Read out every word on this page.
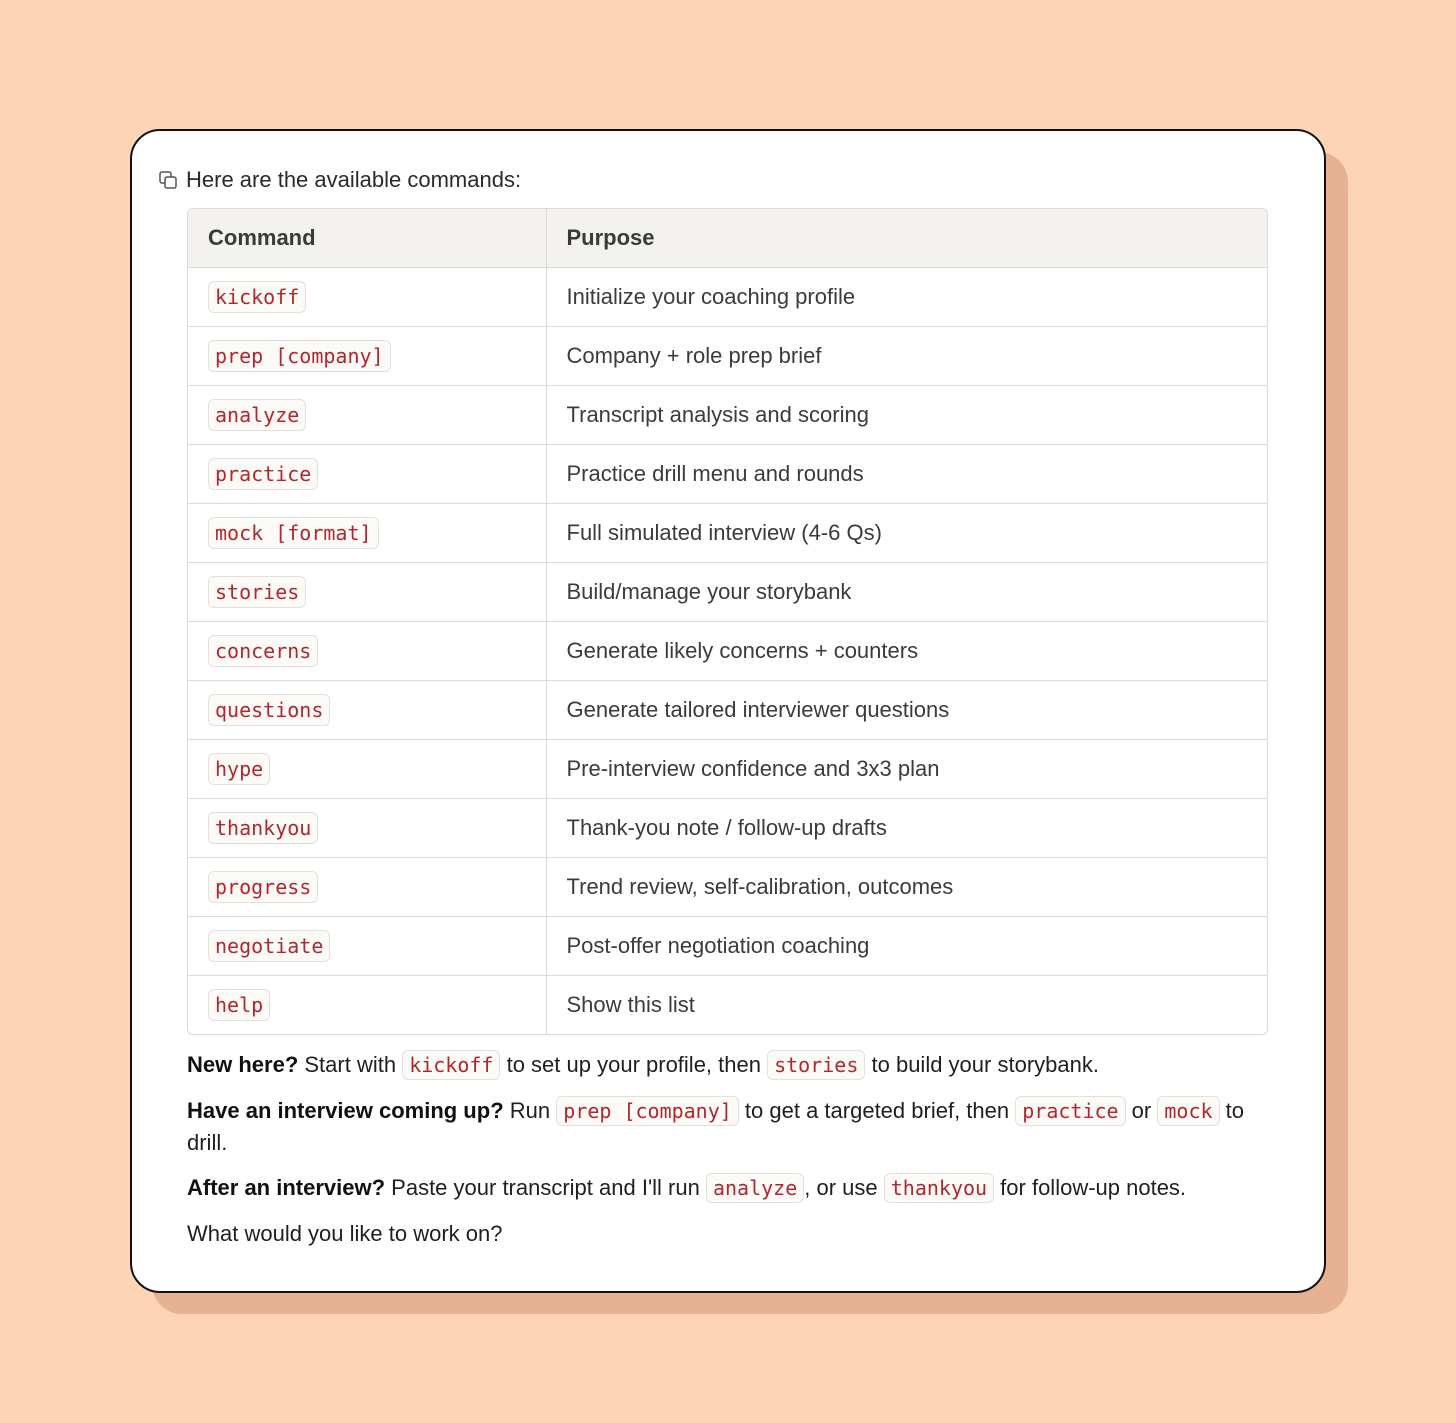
Here are the available commands:
Command	Purpose
kickoff	Initialize your coaching profile
prep [company]	Company + role prep brief
analyze	Transcript analysis and scoring
practice	Practice drill menu and rounds
mock [format]	Full simulated interview (4-6 Qs)
stories	Build/manage your storybank
concerns	Generate likely concerns + counters
questions	Generate tailored interviewer questions
hype	Pre-interview confidence and 3x3 plan
thankyou	Thank-you note / follow-up drafts
progress	Trend review, self-calibration, outcomes
negotiate	Post-offer negotiation coaching
help	Show this list

New here? Start with kickoff to set up your profile, then stories to build your storybank.

Have an interview coming up? Run prep [company] to get a targeted brief, then practice or mock to drill.

After an interview? Paste your transcript and I'll run analyze , or use thankyou for follow-up notes.

What would you like to work on?
